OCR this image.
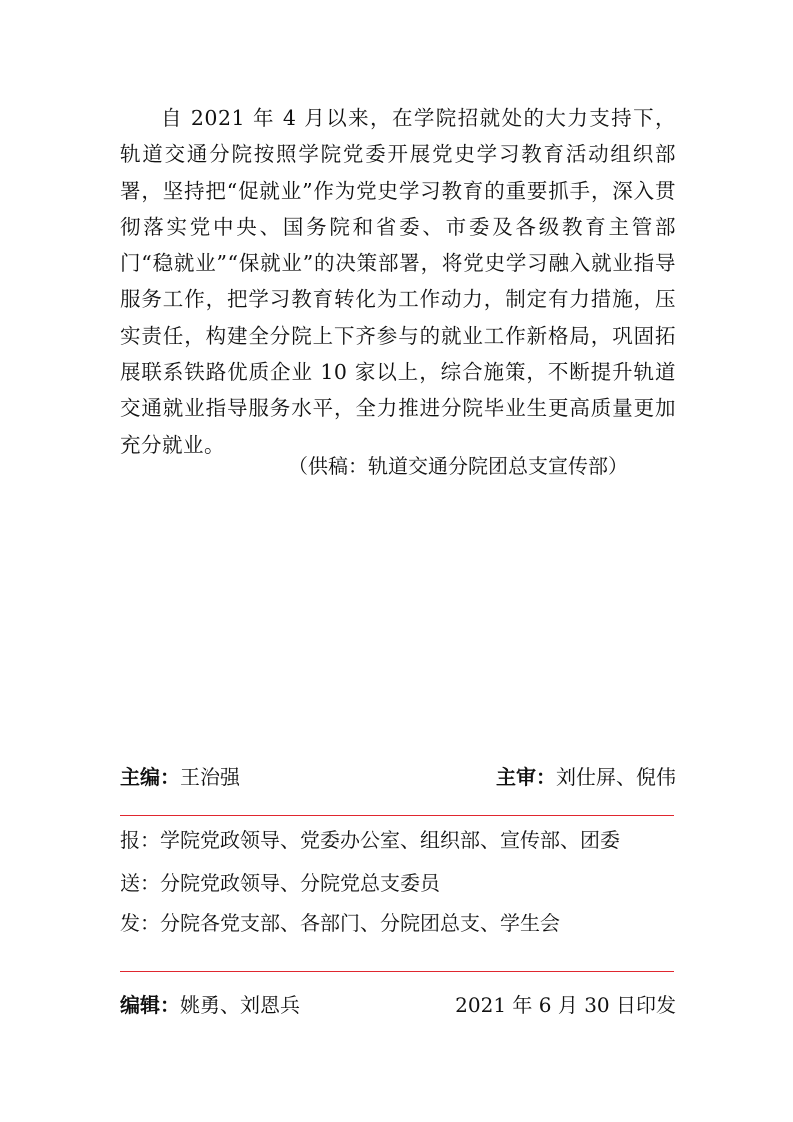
自 2021 年 4 月以来，在学院招就处的大力支持下，轨道交通分院按照学院党委开展党史学习教育活动组织部署，坚持把“促就业”作为党史学习教育的重要抓手，深入贯彻落实党中央、国务院和省委、市委及各级教育主管部门“稳就业”“保就业”的决策部署，将党史学习融入就业指导服务工作，把学习教育转化为工作动力，制定有力措施，压实责任，构建全分院上下齐参与的就业工作新格局，巩固拓展联系铁路优质企业 10 家以上，综合施策，不断提升轨道交通就业指导服务水平，全力推进分院毕业生更高质量更加充分就业。

（供稿：轨道交通分院团总支宣传部）
主编：王治强	主审：刘仕屏、倪伟
报：学院党政领导、党委办公室、组织部、宣传部、团委
送：分院党政领导、分院党总支委员
发：分院各党支部、各部门、分院团总支、学生会
编辑：姚勇、刘恩兵	2021 年 6 月 30 日印发
